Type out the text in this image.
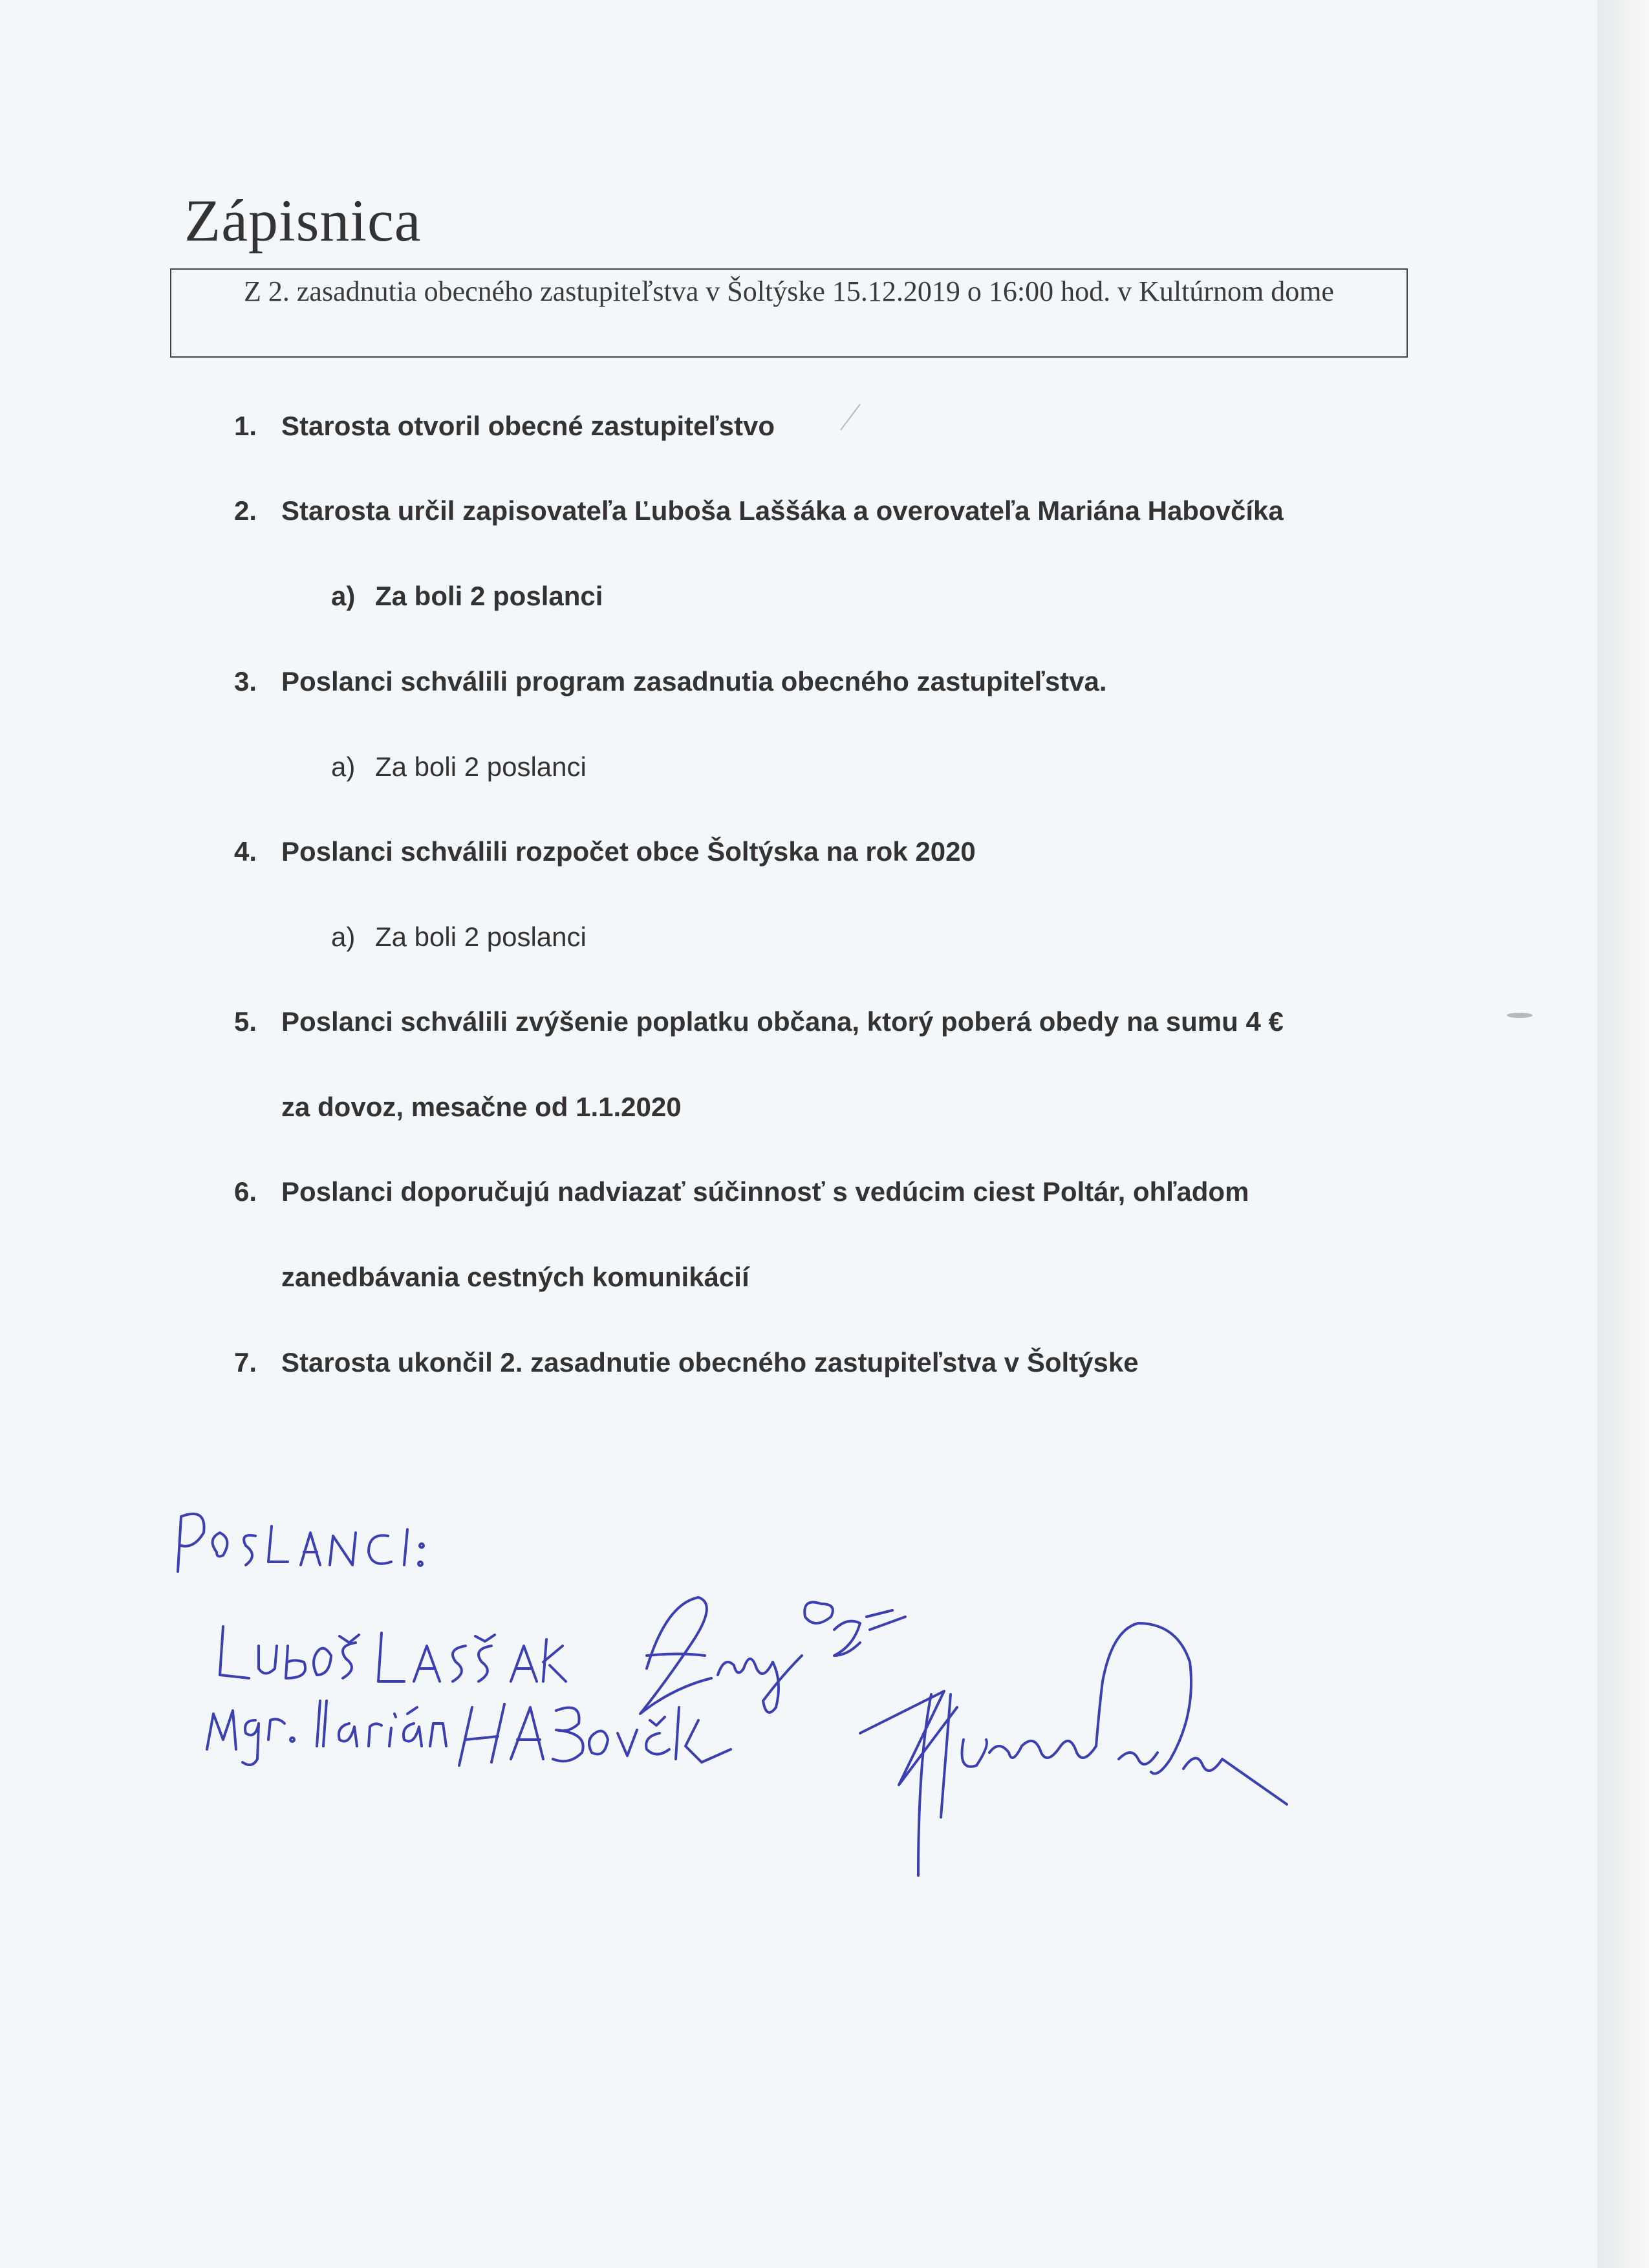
Zápisnica
Z 2. zasadnutia obecného zastupiteľstva v Šoltýske 15.12.2019 o 16:00 hod. v Kultúrnom dome
1. Starosta otvoril obecné zastupiteľstvo
2. Starosta určil zapisovateľa Ľuboša Laššáka a overovateľa Mariána Habovčíka
a) Za boli 2 poslanci
3. Poslanci schválili program zasadnutia obecného zastupiteľstva.
a) Za boli 2 poslanci
4. Poslanci schválili rozpočet obce Šoltýska na rok 2020
a) Za boli 2 poslanci
5. Poslanci schválili zvýšenie poplatku občana, ktorý poberá obedy na sumu 4 €
za dovoz, mesačne od 1.1.2020
6. Poslanci doporučujú nadviazať súčinnosť s vedúcim ciest Poltár, ohľadom
zanedbávania cestných komunikácií
7. Starosta ukončil 2. zasadnutie obecného zastupiteľstva v Šoltýske
